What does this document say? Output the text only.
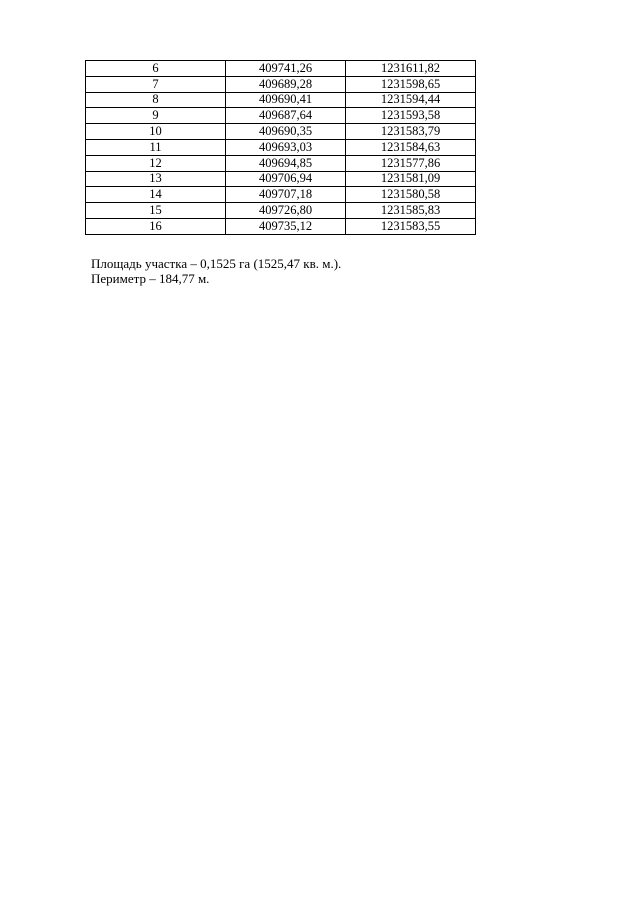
6	409741,26	1231611,82
7	409689,28	1231598,65
8	409690,41	1231594,44
9	409687,64	1231593,58
10	409690,35	1231583,79
11	409693,03	1231584,63
12	409694,85	1231577,86
13	409706,94	1231581,09
14	409707,18	1231580,58
15	409726,80	1231585,83
16	409735,12	1231583,55

Площадь участка – 0,1525 га (1525,47 кв. м.).

Периметр – 184,77 м.
